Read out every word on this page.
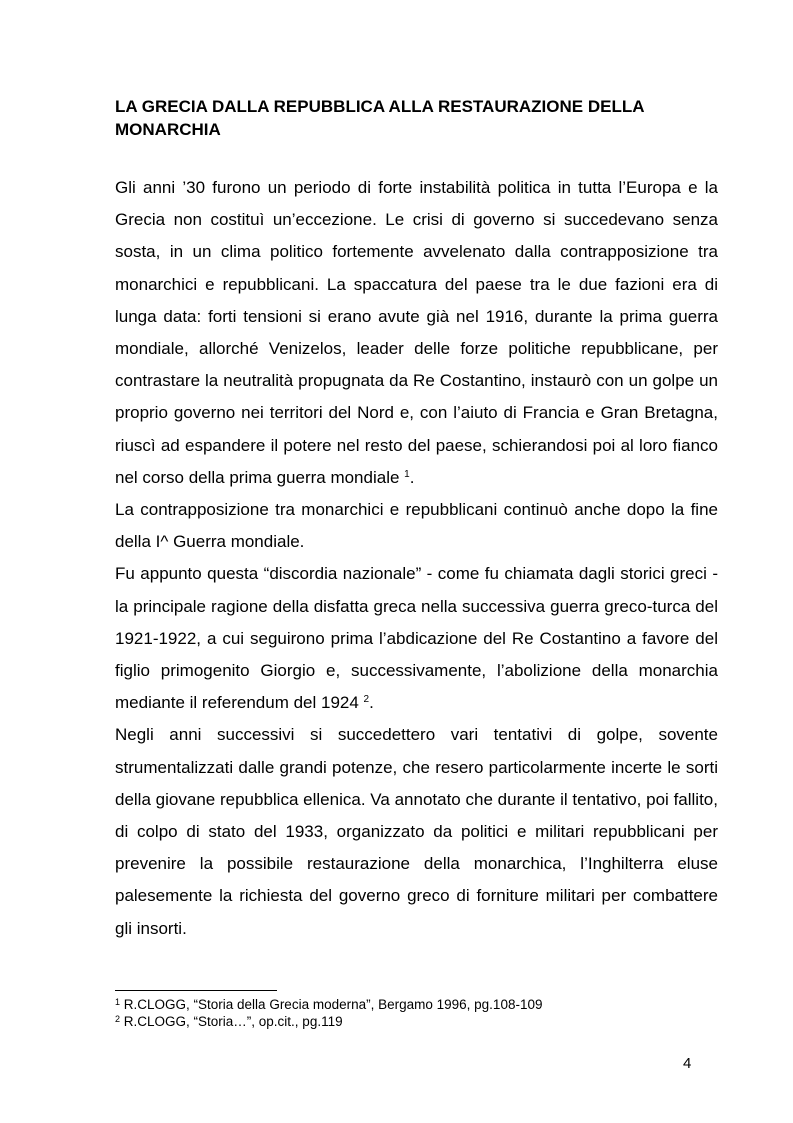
LA GRECIA DALLA REPUBBLICA ALLA RESTAURAZIONE DELLA MONARCHIA

Gli anni ’30 furono un periodo di forte instabilità politica in tutta l’Europa e la Grecia non costituì un’eccezione. Le crisi di governo si succedevano senza sosta, in un clima politico fortemente avvelenato dalla contrapposizione tra monarchici e repubblicani. La spaccatura del paese tra le due fazioni era di lunga data: forti tensioni si erano avute già nel 1916, durante la prima guerra mondiale, allorché Venizelos, leader delle forze politiche repubblicane, per contrastare la neutralità propugnata da Re Costantino, instaurò con un golpe un proprio governo nei territori del Nord e, con l’aiuto di Francia e Gran Bretagna, riuscì ad espandere il potere nel resto del paese, schierandosi poi al loro fianco nel corso della prima guerra mondiale $^1$.

La contrapposizione tra monarchici e repubblicani continuò anche dopo la fine della I^ Guerra mondiale.

Fu appunto questa “discordia nazionale” - come fu chiamata dagli storici greci - la principale ragione della disfatta greca nella successiva guerra greco-turca del 1921-1922, a cui seguirono prima l’abdicazione del Re Costantino a favore del figlio primogenito Giorgio e, successivamente, l’abolizione della monarchia mediante il referendum del 1924 $^2$.

Negli anni successivi si succedettero vari tentativi di golpe, sovente strumentalizzati dalle grandi potenze, che resero particolarmente incerte le sorti della giovane repubblica ellenica. Va annotato che durante il tentativo, poi fallito, di colpo di stato del 1933, organizzato da politici e militari repubblicani per prevenire la possibile restaurazione della monarchica, l’Inghilterra eluse palesemente la richiesta del governo greco di forniture militari per combattere gli insorti.

$^1$ R.CLOGG, “Storia della Grecia moderna”, Bergamo 1996, pg.108-109

$^2$ R.CLOGG, “Storia…”, op.cit., pg.119

4
